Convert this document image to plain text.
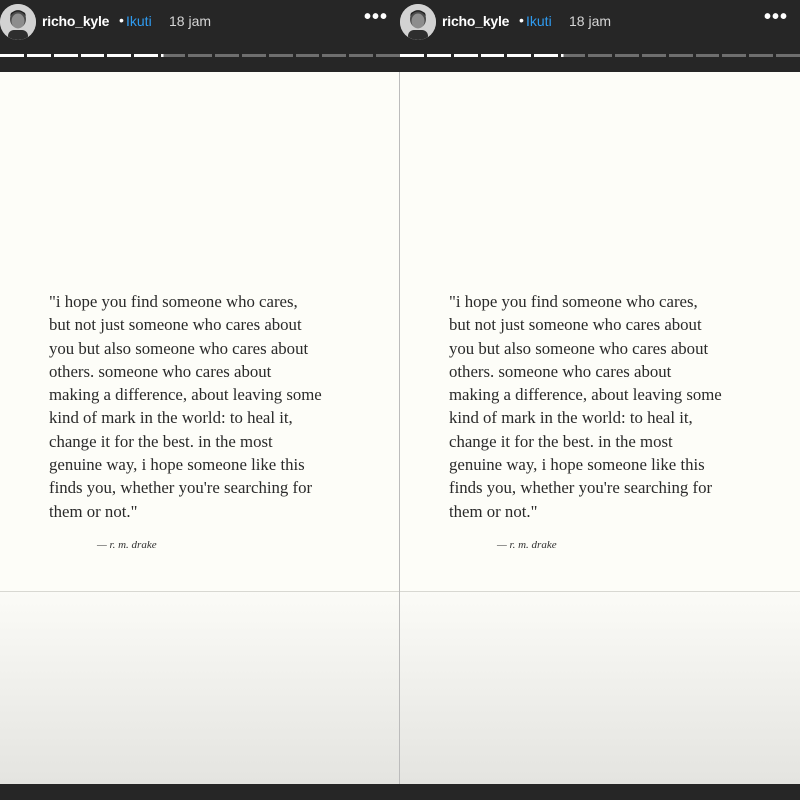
richo_kyle • Ikuti 18 jam	•••

"i hope you find someone who cares,
but not just someone who cares about
you but also someone who cares about
others. someone who cares about
making a difference, about leaving some
kind of mark in the world: to heal it,
change it for the best. in the most
genuine way, i hope someone like this
finds you, whether you're searching for
them or not."

— r. m. drake
richo_kyle • Ikuti 18 jam	•••

"i hope you find someone who cares,
but not just someone who cares about
you but also someone who cares about
others. someone who cares about
making a difference, about leaving some
kind of mark in the world: to heal it,
change it for the best. in the most
genuine way, i hope someone like this
finds you, whether you're searching for
them or not."

— r. m. drake
